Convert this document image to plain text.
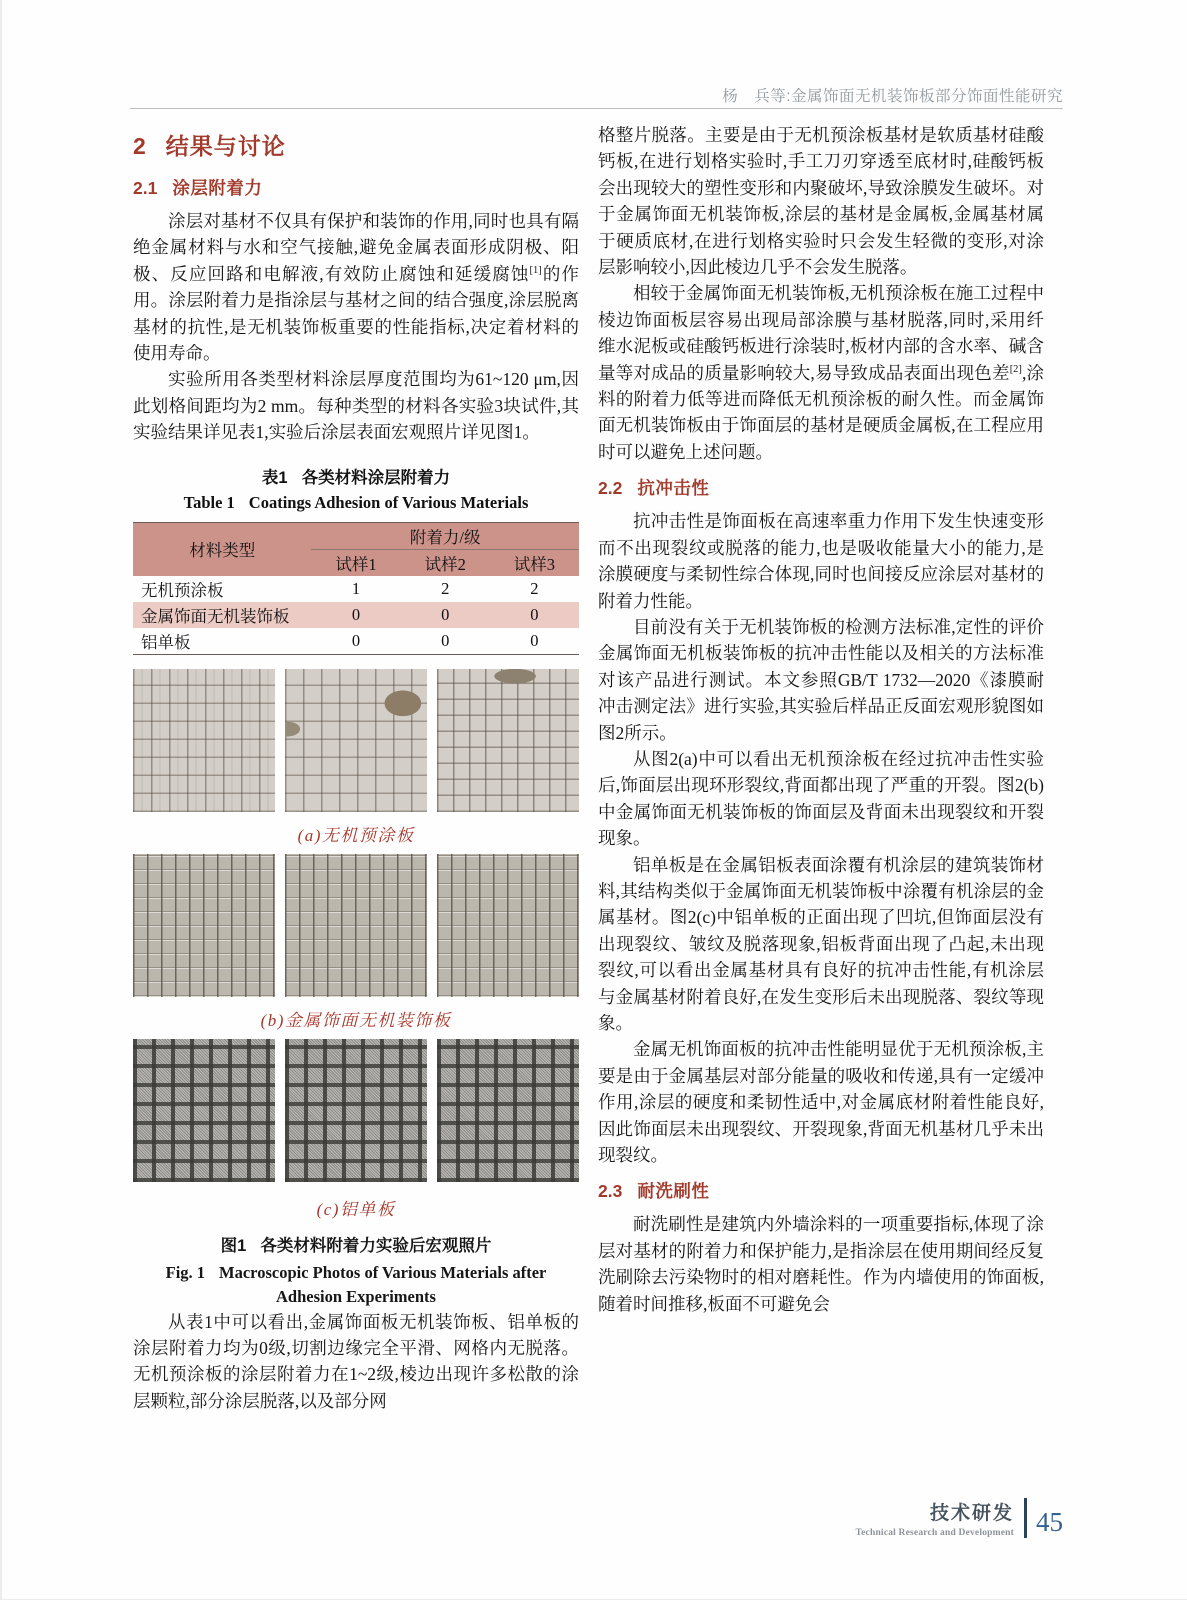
杨　兵等:金属饰面无机装饰板部分饰面性能研究
2 结果与讨论
2.1 涂层附着力

涂层对基材不仅具有保护和装饰的作用,同时也具有隔绝金属材料与水和空气接触,避免金属表面形成阴极、阳极、反应回路和电解液,有效防止腐蚀和延缓腐蚀[1]的作用。涂层附着力是指涂层与基材之间的结合强度,涂层脱离基材的抗性,是无机装饰板重要的性能指标,决定着材料的使用寿命。

实验所用各类型材料涂层厚度范围均为61~120 μm,因此划格间距均为2 mm。每种类型的材料各实验3块试件,其实验结果详见表1,实验后涂层表面宏观照片详见图1。

表1 各类材料涂层附着力
Table 1 Coatings Adhesion of Various Materials
材料类型	附着力/级		
	试样1	试样2	试样3
无机预涂板	1	2	2
金属饰面无机装饰板	0	0	0
铝单板	0	0	0
(a)无机预涂板
(b)金属饰面无机装饰板
(c)铝单板
图1 各类材料附着力实验后宏观照片
Fig. 1 Macroscopic Photos of Various Materials after
Adhesion Experiments

从表1中可以看出,金属饰面板无机装饰板、铝单板的涂层附着力均为0级,切割边缘完全平滑、网格内无脱落。无机预涂板的涂层附着力在1~2级,棱边出现许多松散的涂层颗粒,部分涂层脱落,以及部分网

格整片脱落。主要是由于无机预涂板基材是软质基材硅酸钙板,在进行划格实验时,手工刀刃穿透至底材时,硅酸钙板会出现较大的塑性变形和内聚破坏,导致涂膜发生破坏。对于金属饰面无机装饰板,涂层的基材是金属板,金属基材属于硬质底材,在进行划格实验时只会发生轻微的变形,对涂层影响较小,因此棱边几乎不会发生脱落。

相较于金属饰面无机装饰板,无机预涂板在施工过程中棱边饰面板层容易出现局部涂膜与基材脱落,同时,采用纤维水泥板或硅酸钙板进行涂装时,板材内部的含水率、碱含量等对成品的质量影响较大,易导致成品表面出现色差[2],涂料的附着力低等进而降低无机预涂板的耐久性。而金属饰面无机装饰板由于饰面层的基材是硬质金属板,在工程应用时可以避免上述问题。

2.2 抗冲击性

抗冲击性是饰面板在高速率重力作用下发生快速变形而不出现裂纹或脱落的能力,也是吸收能量大小的能力,是涂膜硬度与柔韧性综合体现,同时也间接反应涂层对基材的附着力性能。

目前没有关于无机装饰板的检测方法标准,定性的评价金属饰面无机板装饰板的抗冲击性能以及相关的方法标准对该产品进行测试。本文参照GB/T 1732—2020《漆膜耐冲击测定法》进行实验,其实验后样品正反面宏观形貌图如图2所示。

从图2(a)中可以看出无机预涂板在经过抗冲击性实验后,饰面层出现环形裂纹,背面都出现了严重的开裂。图2(b)中金属饰面无机装饰板的饰面层及背面未出现裂纹和开裂现象。

铝单板是在金属铝板表面涂覆有机涂层的建筑装饰材料,其结构类似于金属饰面无机装饰板中涂覆有机涂层的金属基材。图2(c)中铝单板的正面出现了凹坑,但饰面层没有出现裂纹、皱纹及脱落现象,铝板背面出现了凸起,未出现裂纹,可以看出金属基材具有良好的抗冲击性能,有机涂层与金属基材附着良好,在发生变形后未出现脱落、裂纹等现象。

金属无机饰面板的抗冲击性能明显优于无机预涂板,主要是由于金属基层对部分能量的吸收和传递,具有一定缓冲作用,涂层的硬度和柔韧性适中,对金属底材附着性能良好,因此饰面层未出现裂纹、开裂现象,背面无机基材几乎未出现裂纹。

2.3 耐洗刷性

耐洗刷性是建筑内外墙涂料的一项重要指标,体现了涂层对基材的附着力和保护能力,是指涂层在使用期间经反复洗刷除去污染物时的相对磨耗性。作为内墙使用的饰面板,随着时间推移,板面不可避免会

技术研发
Technical Research and Development 45
